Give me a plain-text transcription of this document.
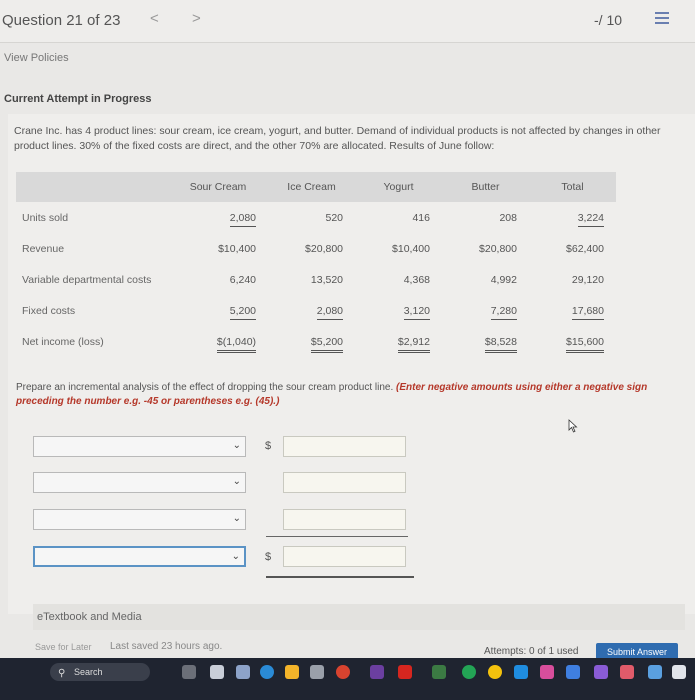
Question 21 of 23 < >	-/ 10
View Policies
Current Attempt in Progress
Crane Inc. has 4 product lines: sour cream, ice cream, yogurt, and butter. Demand of individual products is not affected by changes in other product lines. 30% of the fixed costs are direct, and the other 70% are allocated. Results of June follow:
	Sour Cream	Ice Cream	Yogurt	Butter	Total
Units sold	2,080	520	416	208	3,224
Revenue	$10,400	$20,800	$10,400	$20,800	$62,400
Variable departmental costs	6,240	13,520	4,368	4,992	29,120
Fixed costs	5,200	2,080	3,120	7,280	17,680
Net income (loss)	$(1,040)	$5,200	$2,912	$8,528	$15,600
Prepare an incremental analysis of the effect of dropping the sour cream product line. (Enter negative amounts using either a negative sign preceding the number e.g. -45 or parentheses e.g. (45).)
⌄ $
⌄
⌄
⌄ $
eTextbook and Media
Save for Later Last saved 23 hours ago.	Attempts: 0 of 1 used	Submit Answer
⚲ Search
